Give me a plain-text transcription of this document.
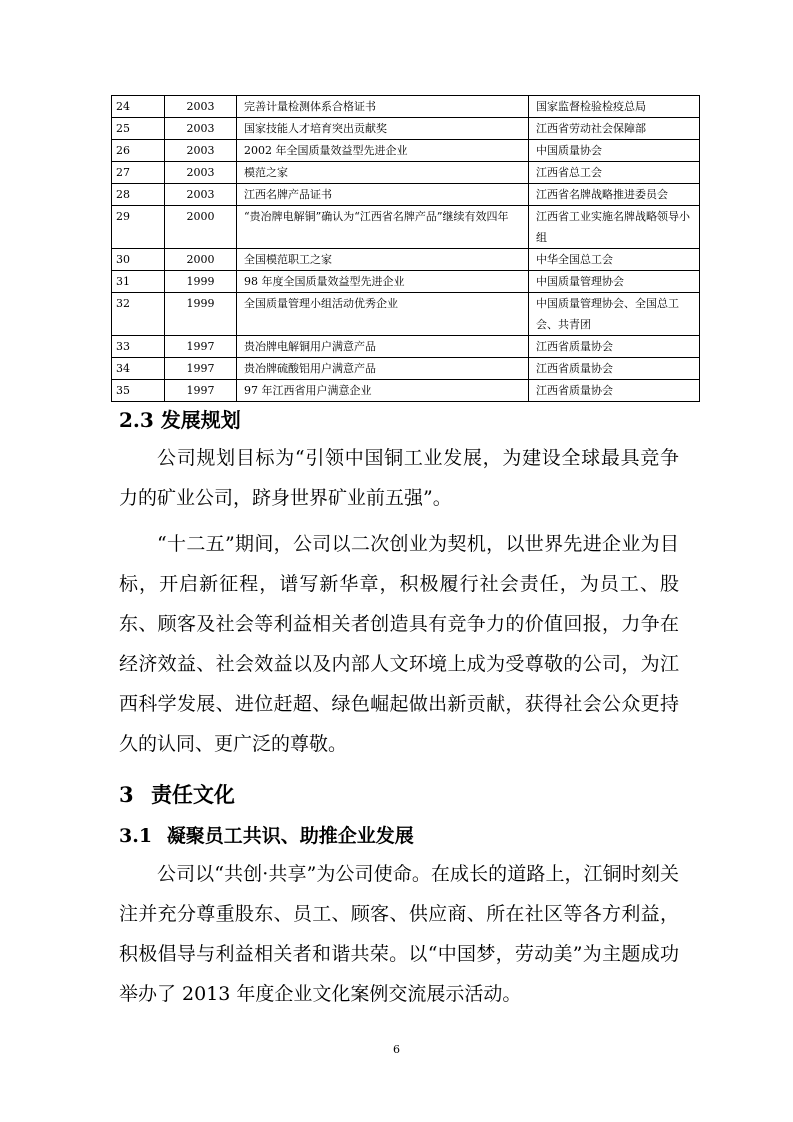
24	2003	完善计量检测体系合格证书	国家监督检验检疫总局
25	2003	国家技能人才培育突出贡献奖	江西省劳动社会保障部
26	2003	2002 年全国质量效益型先进企业	中国质量协会
27	2003	模范之家	江西省总工会
28	2003	江西名牌产品证书	江西省名牌战略推进委员会
29	2000	“贵冶牌电解铜”确认为“江西省名牌产品”继续有效四年	江西省工业实施名牌战略领导小组
30	2000	全国模范职工之家	中华全国总工会
31	1999	98 年度全国质量效益型先进企业	中国质量管理协会
32	1999	全国质量管理小组活动优秀企业	中国质量管理协会、全国总工会、共青团
33	1997	贵冶牌电解铜用户满意产品	江西省质量协会
34	1997	贵冶牌硫酸铝用户满意产品	江西省质量协会
35	1997	97 年江西省用户满意企业	江西省质量协会
2.3 发展规划

公司规划目标为“引领中国铜工业发展，为建设全球最具竞争力的矿业公司，跻身世界矿业前五强”。

“十二五”期间，公司以二次创业为契机，以世界先进企业为目标，开启新征程，谱写新华章，积极履行社会责任，为员工、股东、顾客及社会等利益相关者创造具有竞争力的价值回报，力争在经济效益、社会效益以及内部人文环境上成为受尊敬的公司，为江西科学发展、进位赶超、绿色崛起做出新贡献，获得社会公众更持久的认同、更广泛的尊敬。

3 责任文化
3.1 凝聚员工共识、助推企业发展

公司以“共创·共享”为公司使命。在成长的道路上，江铜时刻关注并充分尊重股东、员工、顾客、供应商、所在社区等各方利益，积极倡导与利益相关者和谐共荣。以“中国梦，劳动美”为主题成功举办了 2013 年度企业文化案例交流展示活动。

6
